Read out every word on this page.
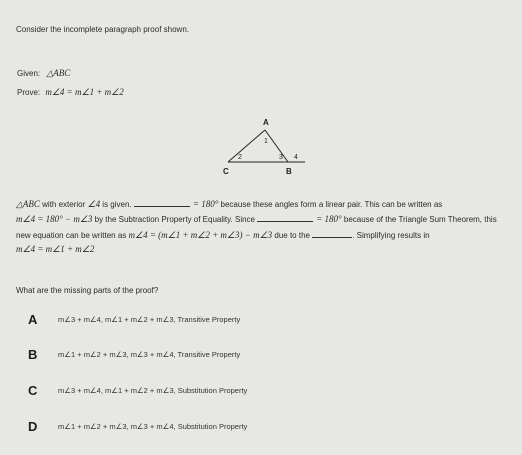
Consider the incomplete paragraph proof shown.
Given: △ABC
Prove: m∠4 = m∠1 + m∠2
A
C	B
1
2	3 4
△ABC with exterior ∠4 is given.	= 180° because these angles form a linear pair. This can be written as
m∠4 = 180° − m∠3 by the Subtraction Property of Equality. Since	= 180° because of the Triangle Sum Theorem, this
new equation can be written as m∠4 = (m∠1 + m∠2 + m∠3) − m∠3 due to the	. Simplifying results in
m∠4 = m∠1 + m∠2
What are the missing parts of the proof?
A	m∠3 + m∠4, m∠1 + m∠2 + m∠3, Transitive Property
B	m∠1 + m∠2 + m∠3, m∠3 + m∠4, Transitive Property
C	m∠3 + m∠4, m∠1 + m∠2 + m∠3, Substitution Property
D	m∠1 + m∠2 + m∠3, m∠3 + m∠4, Substitution Property
